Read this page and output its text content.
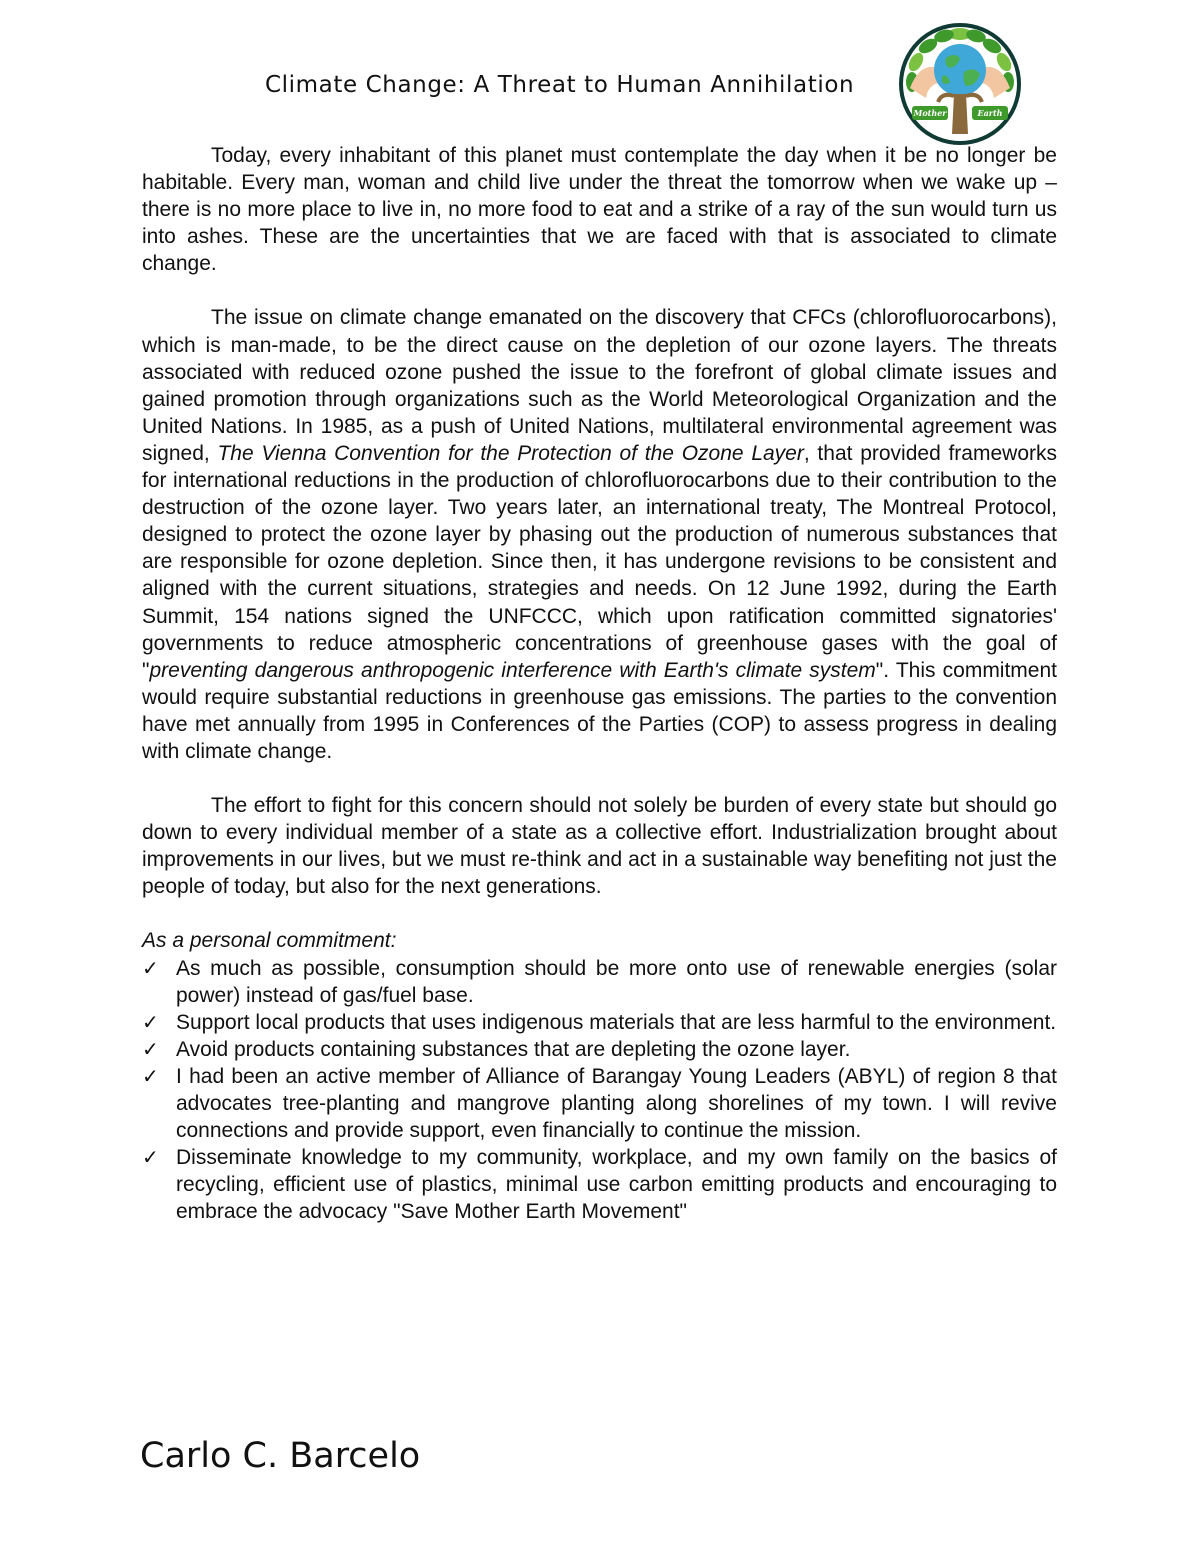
Climate Change: A Threat to Human Annihilation
Mother	Earth

Today, every inhabitant of this planet must contemplate the day when it be no longer be habitable. Every man, woman and child live under the threat the tomorrow when we wake up – there is no more place to live in, no more food to eat and a strike of a ray of the sun would turn us into ashes. These are the uncertainties that we are faced with that is associated to climate change.

The issue on climate change emanated on the discovery that CFCs (chlorofluorocarbons), which is man-made, to be the direct cause on the depletion of our ozone layers. The threats associated with reduced ozone pushed the issue to the forefront of global climate issues and gained promotion through organizations such as the World Meteorological Organization and the United Nations. In 1985, as a push of United Nations, multilateral environmental agreement was signed, The Vienna Convention for the Protection of the Ozone Layer, that provided frameworks for international reductions in the production of chlorofluorocarbons due to their contribution to the destruction of the ozone layer. Two years later, an international treaty, The Montreal Protocol, designed to protect the ozone layer by phasing out the production of numerous substances that are responsible for ozone depletion. Since then, it has undergone revisions to be consistent and aligned with the current situations, strategies and needs. On 12 June 1992, during the Earth Summit, 154 nations signed the UNFCCC, which upon ratification committed signatories' governments to reduce atmospheric concentrations of greenhouse gases with the goal of "preventing dangerous anthropogenic interference with Earth's climate system". This commitment would require substantial reductions in greenhouse gas emissions. The parties to the convention have met annually from 1995 in Conferences of the Parties (COP) to assess progress in dealing with climate change.

The effort to fight for this concern should not solely be burden of every state but should go down to every individual member of a state as a collective effort. Industrialization brought about improvements in our lives, but we must re-think and act in a sustainable way benefiting not just the people of today, but also for the next generations.

As a personal commitment:

✓ As much as possible, consumption should be more onto use of renewable energies (solar power) instead of gas/fuel base.
✓ Support local products that uses indigenous materials that are less harmful to the environment.
✓ Avoid products containing substances that are depleting the ozone layer.
✓ I had been an active member of Alliance of Barangay Young Leaders (ABYL) of region 8 that advocates tree-planting and mangrove planting along shorelines of my town. I will revive connections and provide support, even financially to continue the mission.
✓ Disseminate knowledge to my community, workplace, and my own family on the basics of recycling, efficient use of plastics, minimal use carbon emitting products and encouraging to embrace the advocacy "Save Mother Earth Movement"
Carlo C. Barcelo
